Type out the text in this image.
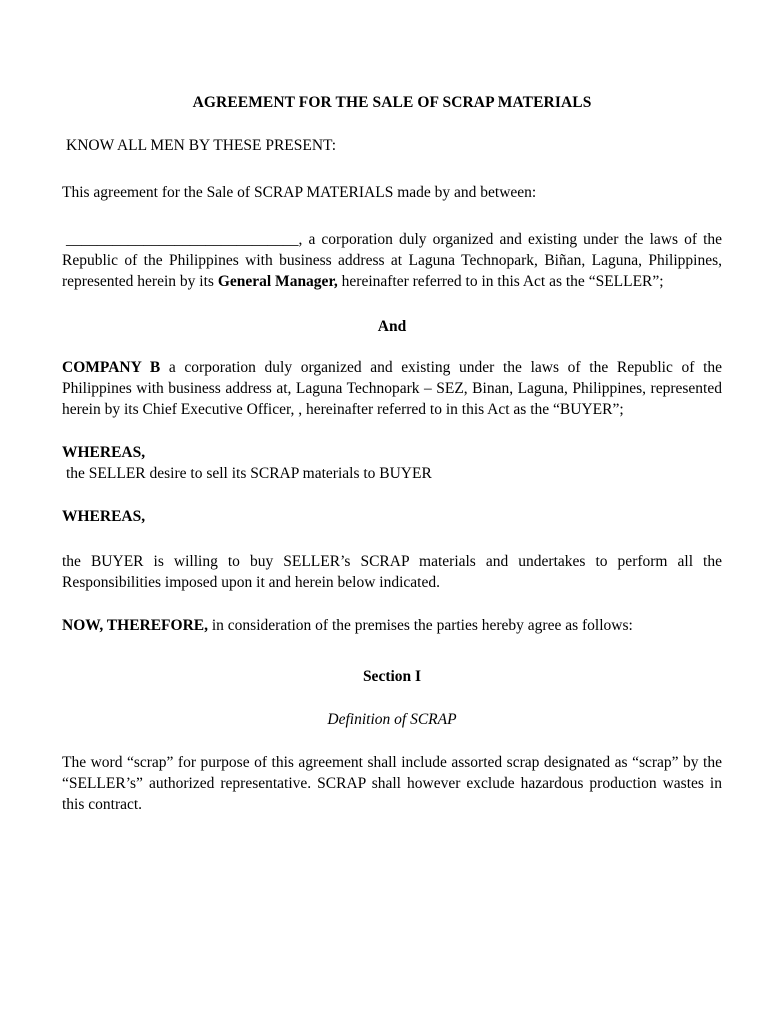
AGREEMENT FOR THE SALE OF SCRAP MATERIALS

KNOW ALL MEN BY THESE PRESENT:

This agreement for the Sale of SCRAP MATERIALS made by and between:

______________________________, a corporation duly organized and existing under the laws of the Republic of the Philippines with business address at Laguna Technopark, Biñan, Laguna, Philippines, represented herein by its General Manager, hereinafter referred to in this Act as the “SELLER”;

And

COMPANY B a corporation duly organized and existing under the laws of the Republic of the Philippines with business address at, Laguna Technopark – SEZ, Binan, Laguna, Philippines, represented herein by its Chief Executive Officer, , hereinafter referred to in this Act as the “BUYER”;

WHEREAS,

the SELLER desire to sell its SCRAP materials to BUYER

WHEREAS,

the BUYER is willing to buy SELLER’s SCRAP materials and undertakes to perform all the Responsibilities imposed upon it and herein below indicated.

NOW, THEREFORE, in consideration of the premises the parties hereby agree as follows:

Section I

Definition of SCRAP

The word “scrap” for purpose of this agreement shall include assorted scrap designated as “scrap” by the “SELLER’s” authorized representative. SCRAP shall however exclude hazardous production wastes in this contract.
